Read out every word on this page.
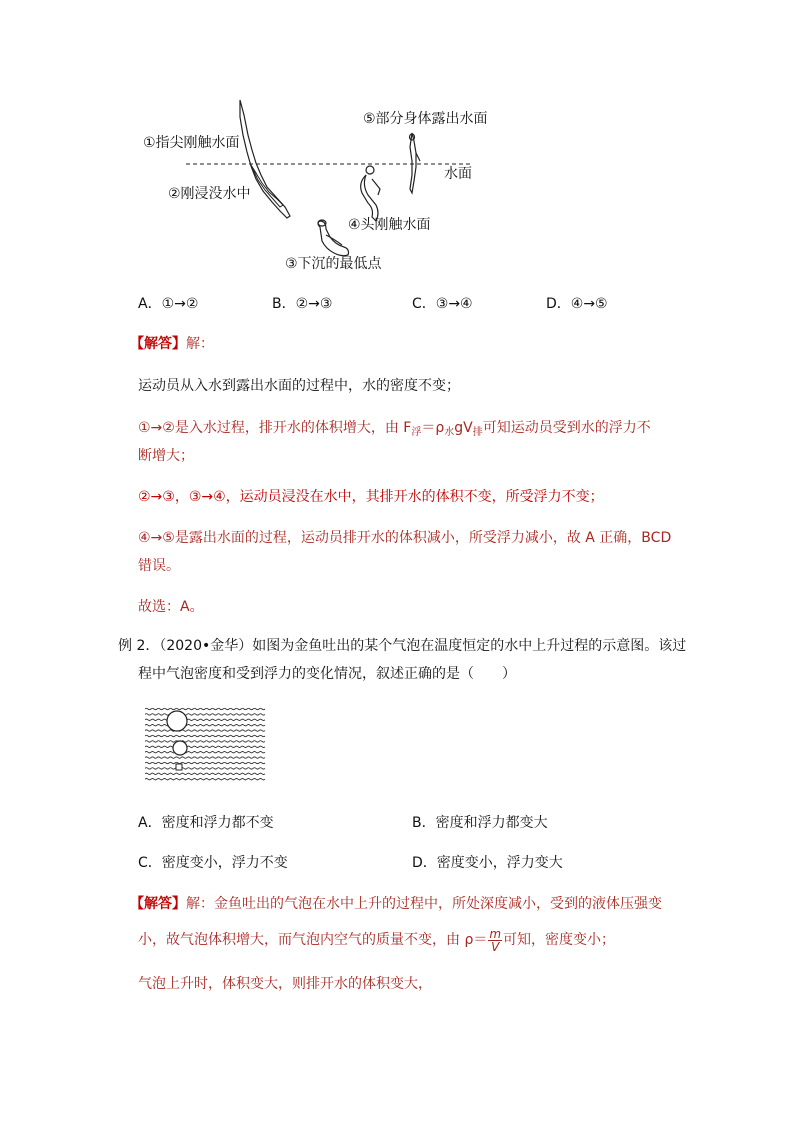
①指尖刚触水面
⑤部分身体露出水面
水面
②刚浸没水中
④头刚触水面
③下沉的最低点
A．①→②	B．②→③	C．③→④	D．④→⑤
【解答】解：
运动员从入水到露出水面的过程中，水的密度不变；
①→②是入水过程，排开水的体积增大，由 $F_浮=\rho_水gV_排$可知运动员受到水的浮力不
断增大；
②→③，③→④，运动员浸没在水中，其排开水的体积不变，所受浮力不变；
④→⑤是露出水面的过程，运动员排开水的体积减小，所受浮力减小，故 A 正确，BCD
错误。
故选：A。
例 2．（2020•金华）如图为金鱼吐出的某个气泡在温度恒定的水中上升过程的示意图。该过
程中气泡密度和受到浮力的变化情况，叙述正确的是（　　）
A．密度和浮力都不变	B．密度和浮力都变大
C．密度变小，浮力不变	D．密度变小，浮力变大
【解答】解：金鱼吐出的气泡在水中上升的过程中，所处深度减小，受到的液体压强变
小，故气泡体积增大，而气泡内空气的质量不变，由 $\rho= \frac{m}{V}$ 可知，密度变小；
气泡上升时，体积变大，则排开水的体积变大，
